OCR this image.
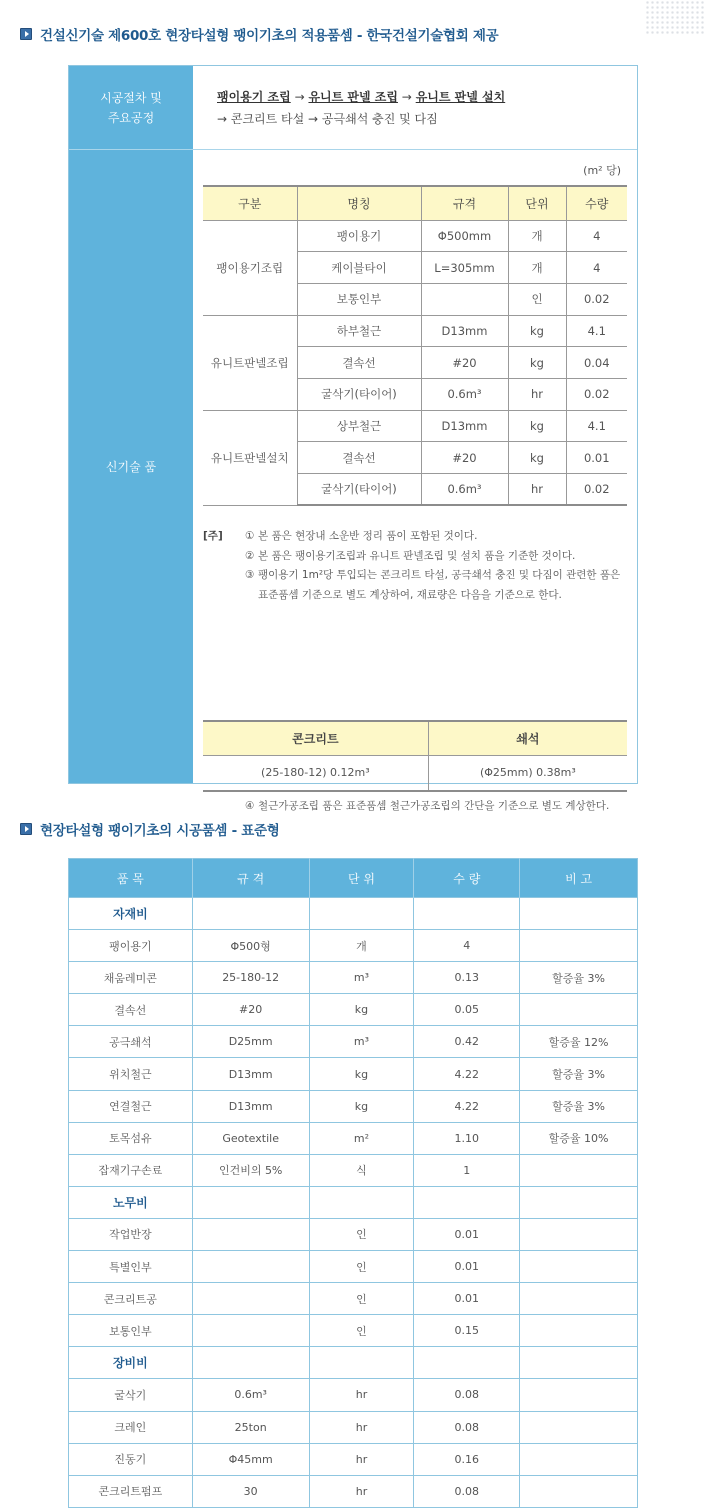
건설신기술 제600호 현장타설형 팽이기초의 적용품셈 - 한국건설기술협회 제공
시공절차 및
주요공정
팽이용기 조립 → 유니트 판넬 조립 → 유니트 판넬 설치
→ 콘크리트 타설 → 공극쇄석 충진 및 다짐
신기술 품
(m² 당)
구분	명칭	규격	단위	수량
팽이용기조립	팽이용기	Φ500mm	개	4
	케이블타이	L=305mm	개	4
	보통인부		인	0.02
유니트판넬조립	하부철근	D13mm	kg	4.1
	결속선	#20	kg	0.04
	굴삭기(타이어)	0.6m³	hr	0.02
유니트판넬설치	상부철근	D13mm	kg	4.1
	결속선	#20	kg	0.01
	굴삭기(타이어)	0.6m³	hr	0.02
[주]	① 본 품은 현장내 소운반 정리 품이 포함된 것이다.
② 본 품은 팽이용기조립과 유니트 판넬조립 및 설치 품을 기준한 것이다.
③ 팽이용기 1m²당 투입되는 콘크리트 타설, 공극쇄석 충진 및 다짐이 관련한 품은 표준품셈 기준으로 별도 계상하여, 재료량은 다음을 기준으로 한다.
콘크리트	쇄석
(25-180-12) 0.12m³	(Φ25mm) 0.38m³
④ 철근가공조립 품은 표준품셈 철근가공조립의 간단을 기준으로 별도 계상한다.
현장타설형 팽이기초의 시공품셈 - 표준형
품 목	규 격	단 위	수 량	비 고
자재비				
팽이용기	Φ500형	개	4	
채움레미콘	25-180-12	m³	0.13	할증율 3%
결속선	#20	kg	0.05	
공극쇄석	D25mm	m³	0.42	할증율 12%
위치철근	D13mm	kg	4.22	할증율 3%
연결철근	D13mm	kg	4.22	할증율 3%
토목섬유	Geotextile	m²	1.10	할증율 10%
잡재기구손료	인건비의 5%	식	1	
노무비				
작업반장		인	0.01	
특별인부		인	0.01	
콘크리트공		인	0.01	
보통인부		인	0.15	
장비비				
굴삭기	0.6m³	hr	0.08	
크레인	25ton	hr	0.08	
진동기	Φ45mm	hr	0.16	
콘크리트펌프	30	hr	0.08	
